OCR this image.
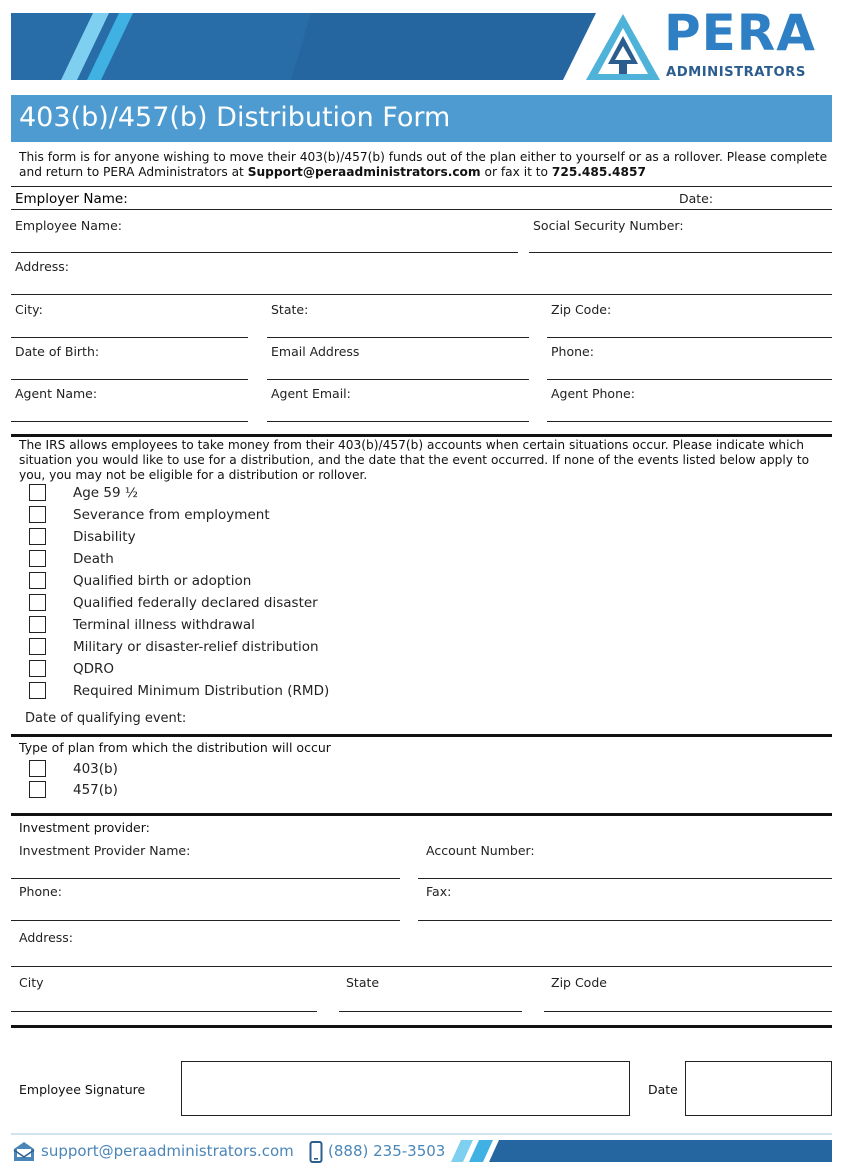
PERA
ADMINISTRATORS
403(b)/457(b) Distribution Form
This form is for anyone wishing to move their 403(b)/457(b) funds out of the plan either to yourself or as a rollover. Please complete and return to PERA Administrators at Support@peraadministrators.com or fax it to 725.485.4857
Employer Name:	Date:
Employee Name:	Social Security Number:
Address:
City:	State:	Zip Code:
Date of Birth:	Email Address	Phone:
Agent Name:	Agent Email:	Agent Phone:
The IRS allows employees to take money from their 403(b)/457(b) accounts when certain situations occur. Please indicate which situation you would like to use for a distribution, and the date that the event occurred. If none of the events listed below apply to you, you may not be eligible for a distribution or rollover.
Age 59 ½
Severance from employment
Disability
Death
Qualified birth or adoption
Qualified federally declared disaster
Terminal illness withdrawal
Military or disaster-relief distribution
QDRO
Required Minimum Distribution (RMD)
Date of qualifying event:
Type of plan from which the distribution will occur
403(b)
457(b)
Investment provider:
Investment Provider Name:	Account Number:
Phone:	Fax:
Address:
City	State	Zip Code
Employee Signature	Date
support@peraadministrators.com (888) 235-3503
